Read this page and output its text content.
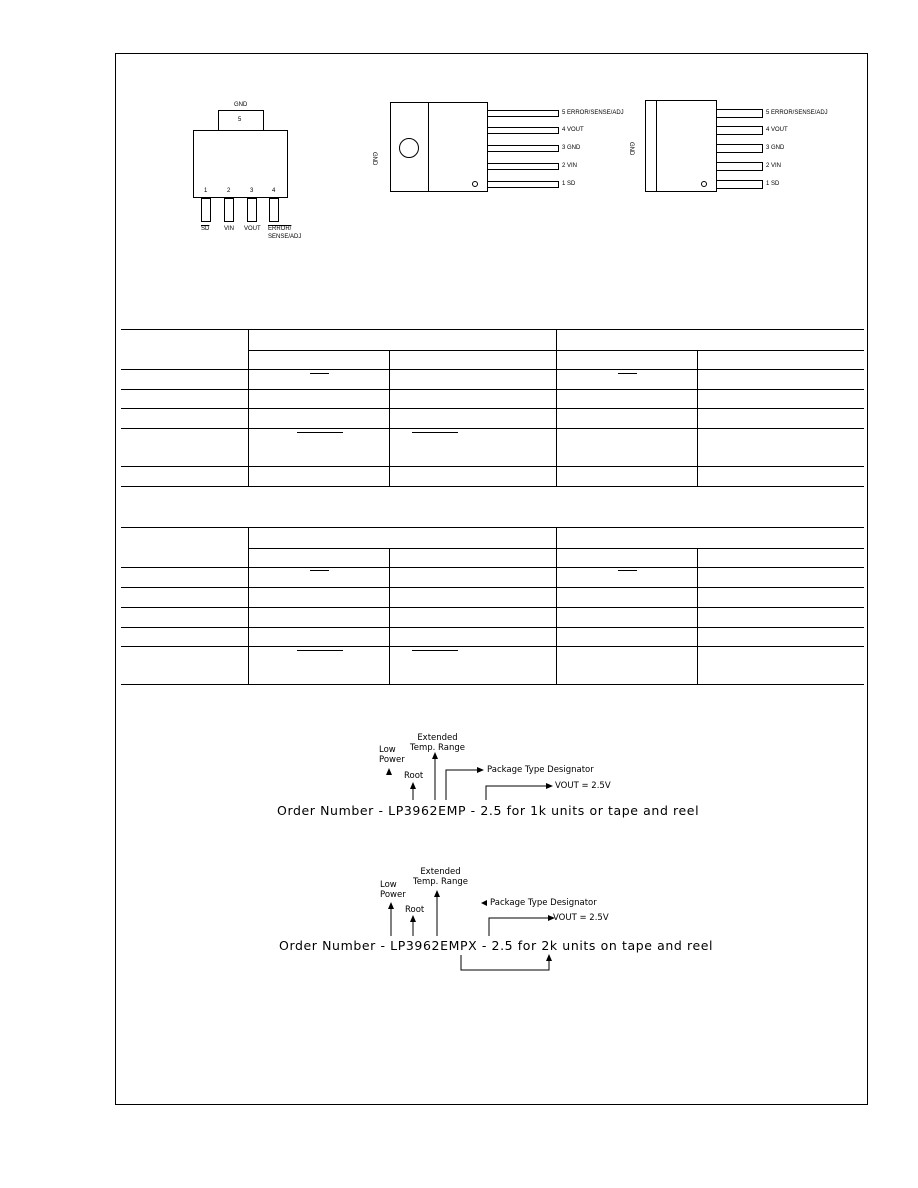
GND
5
1	2	3	4
$\overline{SD}$ VIN VOUT ERROR/
SENSE/ADJ
GND
5 ERROR/SENSE/ADJ
4 VOUT
3 GND
2 VIN
1 SD
GND
5 ERROR/SENSE/ADJ
4 VOUT
3 GND
2 VIN
1 SD
Low
Power
Root
Extended
Temp. Range
Package Type Designator
VOUT = 2.5V
Order Number - LP3962EMP - 2.5 for 1k units or tape and reel
Low
Power
Root
Extended
Temp. Range
Package Type Designator
VOUT = 2.5V
Order Number - LP3962EMPX - 2.5 for 2k units on tape and reel
